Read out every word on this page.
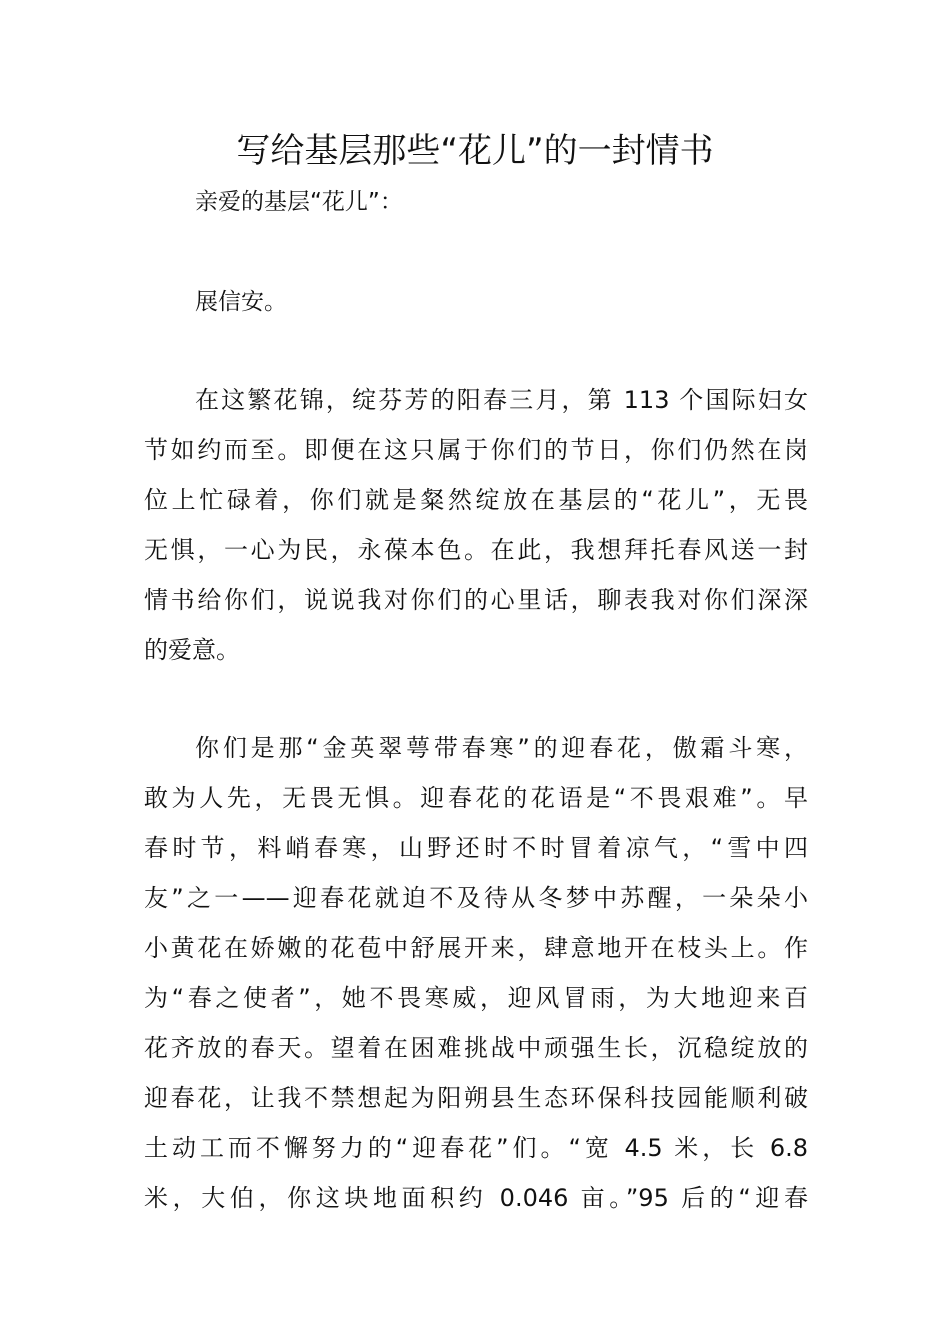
写给基层那些“花儿”的一封情书
亲爱的基层“花儿”：
展信安。
在这繁花锦，绽芬芳的阳春三月，第 113 个国际妇女
节如约而至。即便在这只属于你们的节日，你们仍然在岗
位上忙碌着，你们就是粲然绽放在基层的“花儿”，无畏
无惧，一心为民，永葆本色。在此，我想拜托春风送一封
情书给你们，说说我对你们的心里话，聊表我对你们深深
的爱意。
你们是那“金英翠萼带春寒”的迎春花，傲霜斗寒，
敢为人先，无畏无惧。迎春花的花语是“不畏艰难”。早
春时节，料峭春寒，山野还时不时冒着凉气，“雪中四
友”之一——迎春花就迫不及待从冬梦中苏醒，一朵朵小
小黄花在娇嫩的花苞中舒展开来，肆意地开在枝头上。作
为“春之使者”，她不畏寒威，迎风冒雨，为大地迎来百
花齐放的春天。望着在困难挑战中顽强生长，沉稳绽放的
迎春花，让我不禁想起为阳朔县生态环保科技园能顺利破
土动工而不懈努力的“迎春花”们。“宽 4.5 米，长 6.8
米，大伯，你这块地面积约 0.046 亩。”95 后的“迎春
